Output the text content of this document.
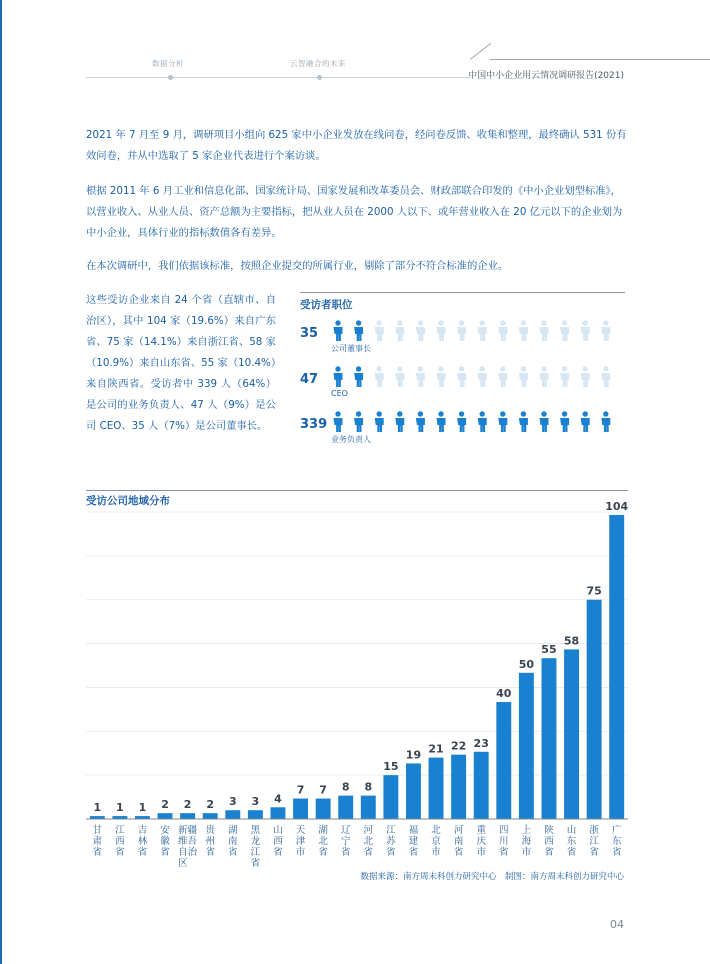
数据分析	云智融合的未来
中国中小企业用云情况调研报告(2021)

2021 年 7 月至 9 月，调研项目小组向 625 家中小企业发放在线问卷，经问卷反馈、收集和整理，最终确认 531 份有效问卷，并从中选取了 5 家企业代表进行个案访谈。

根据 2011 年 6 月工业和信息化部、国家统计局、国家发展和改革委员会、财政部联合印发的《中小企业划型标准》，以营业收入、从业人员、资产总额为主要指标，把从业人员在 2000 人以下、或年营业收入在 20 亿元以下的企业划为中小企业，具体行业的指标数值各有差异。

在本次调研中，我们依据该标准，按照企业提交的所属行业，剔除了部分不符合标准的企业。

这些受访企业来自 24 个省（直辖市、自治区），其中 104 家（19.6%）来自广东省、75 家（14.1%）来自浙江省、58 家（10.9%）来自山东省、55 家（10.4%）来自陕西省。受访者中 339 人（64%）是公司的业务负责人、47 人（9%）是公司 CEO、35 人（7%）是公司董事长。

受访者职位
35
公司董事长
47
CEO
339
业务负责人
受访公司地域分布
1
甘肃省
1
江西省
1
吉林省
2
安徽省
2
新维自区疆吾治
2
贵州省
3
湖南省
3
黑龙江省
4
山西省
7
天津市
7
湖北省
8
辽宁省
8
河北省
15
江苏省
19
福建省
21
北京市
22
河南省
23
重庆市
40
四川省
50
上海市
55
陕西省
58
山东省
75
浙江省
104
广东省
数据来源：南方周末科创力研究中心　制图：南方周末科创力研究中心
04
